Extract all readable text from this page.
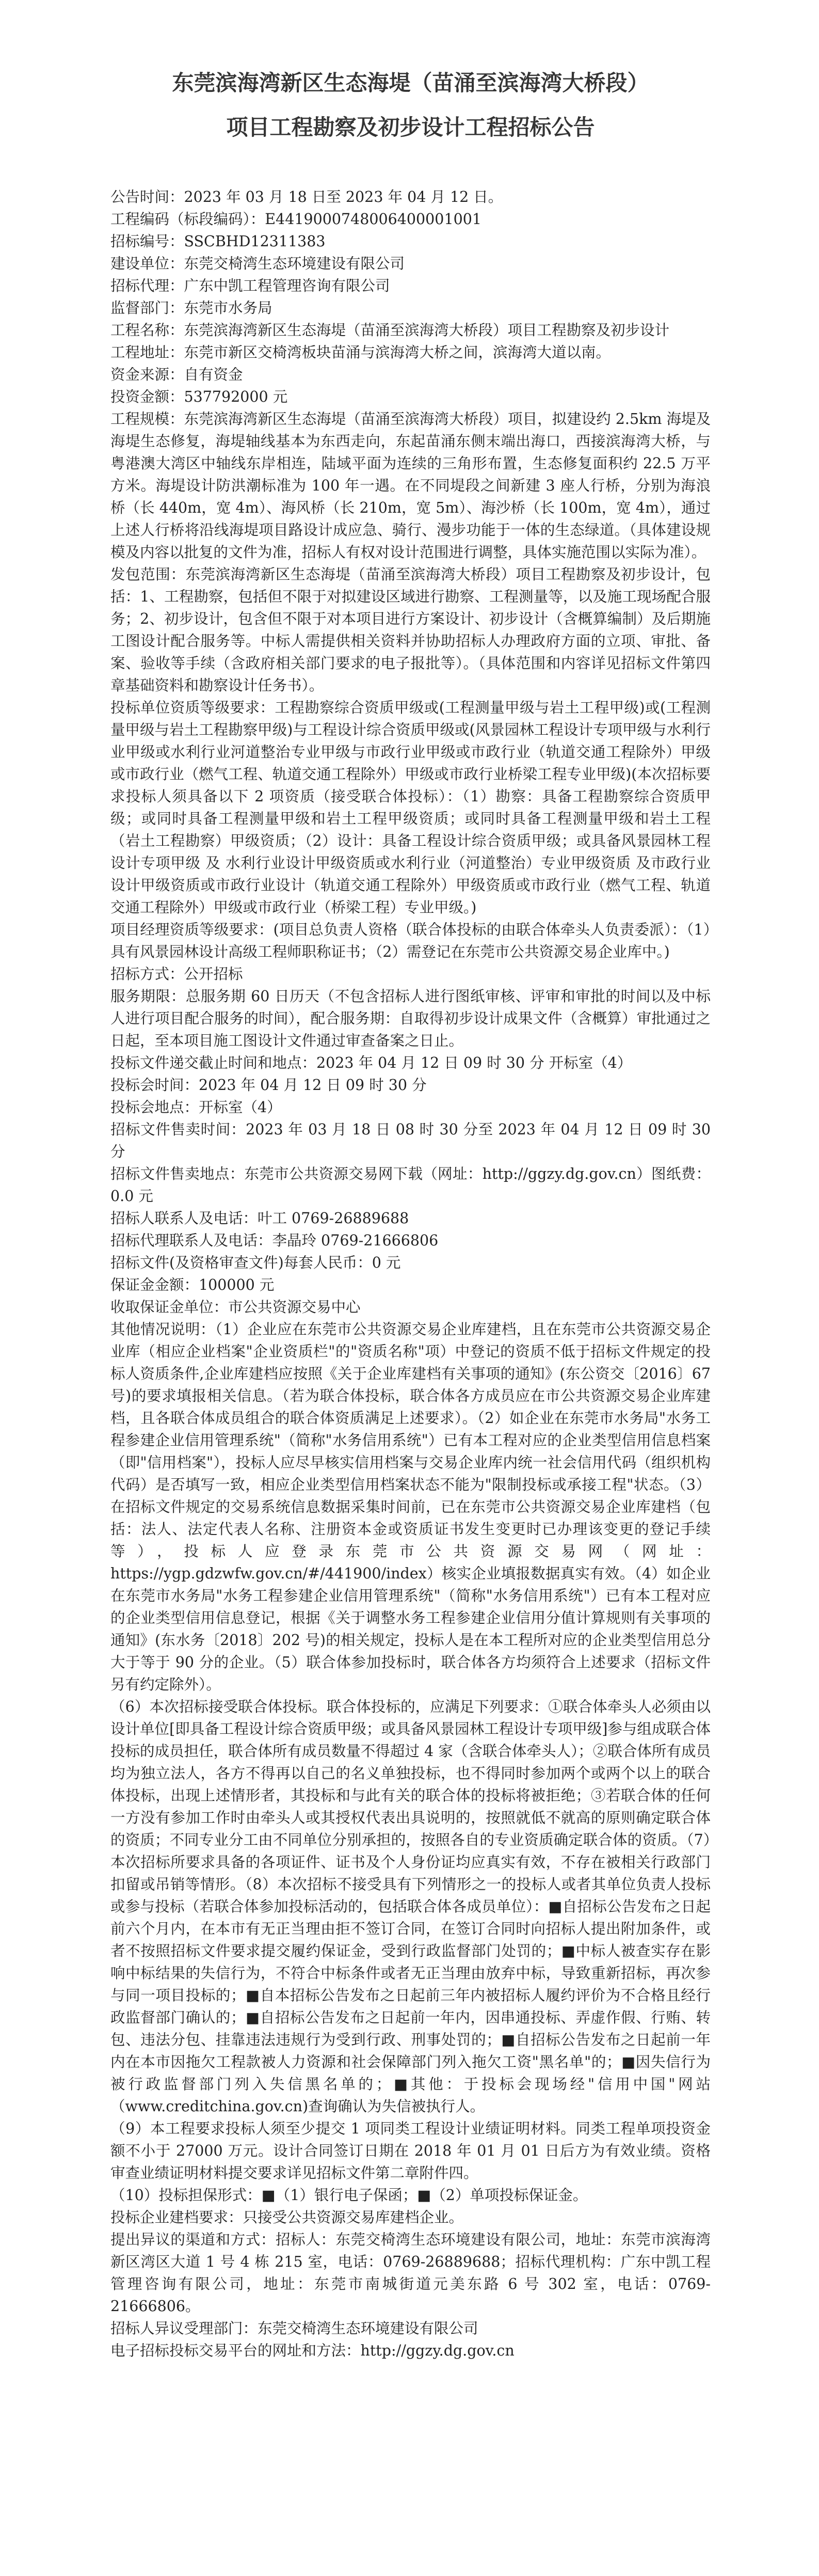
东莞滨海湾新区生态海堤（苗涌至滨海湾大桥段）
项目工程勘察及初步设计工程招标公告

公告时间：2023 年 03 月 18 日至 2023 年 04 月 12 日。

工程编码（标段编码）：E4419000748006400001001

招标编号：SSCBHD12311383

建设单位：东莞交椅湾生态环境建设有限公司

招标代理：广东中凯工程管理咨询有限公司

监督部门：东莞市水务局

工程名称：东莞滨海湾新区生态海堤（苗涌至滨海湾大桥段）项目工程勘察及初步设计

工程地址：东莞市新区交椅湾板块苗涌与滨海湾大桥之间，滨海湾大道以南。

资金来源：自有资金

投资金额：537792000 元

工程规模：东莞滨海湾新区生态海堤（苗涌至滨海湾大桥段）项目，拟建设约 2.5km 海堤及海堤生态修复，海堤轴线基本为东西走向，东起苗涌东侧末端出海口，西接滨海湾大桥，与粤港澳大湾区中轴线东岸相连，陆域平面为连续的三角形布置，生态修复面积约 22.5 万平方米。海堤设计防洪潮标准为 100 年一遇。在不同堤段之间新建 3 座人行桥，分别为海浪桥（长 440m，宽 4m）、海风桥（长 210m，宽 5m）、海沙桥（长 100m，宽 4m），通过上述人行桥将沿线海堤项目路设计成应急、骑行、漫步功能于一体的生态绿道。（具体建设规模及内容以批复的文件为准，招标人有权对设计范围进行调整，具体实施范围以实际为准）。

发包范围：东莞滨海湾新区生态海堤（苗涌至滨海湾大桥段）项目工程勘察及初步设计，包括：1、工程勘察，包括但不限于对拟建设区域进行勘察、工程测量等，以及施工现场配合服务；2、初步设计，包含但不限于对本项目进行方案设计、初步设计（含概算编制）及后期施工图设计配合服务等。中标人需提供相关资料并协助招标人办理政府方面的立项、审批、备案、验收等手续（含政府相关部门要求的电子报批等）。（具体范围和内容详见招标文件第四章基础资料和勘察设计任务书）。

投标单位资质等级要求：工程勘察综合资质甲级或(工程测量甲级与岩土工程甲级)或(工程测量甲级与岩土工程勘察甲级)与工程设计综合资质甲级或(风景园林工程设计专项甲级与水利行业甲级或水利行业河道整治专业甲级与市政行业甲级或市政行业（轨道交通工程除外）甲级或市政行业（燃气工程、轨道交通工程除外）甲级或市政行业桥梁工程专业甲级)(本次招标要求投标人须具备以下 2 项资质（接受联合体投标）：（1）勘察：具备工程勘察综合资质甲级；或同时具备工程测量甲级和岩土工程甲级资质；或同时具备工程测量甲级和岩土工程（岩土工程勘察）甲级资质；（2）设计：具备工程设计综合资质甲级；或具备风景园林工程设计专项甲级 及 水利行业设计甲级资质或水利行业（河道整治）专业甲级资质 及市政行业设计甲级资质或市政行业设计（轨道交通工程除外）甲级资质或市政行业（燃气工程、轨道交通工程除外）甲级或市政行业（桥梁工程）专业甲级。)

项目经理资质等级要求：(项目总负责人资格（联合体投标的由联合体牵头人负责委派）：（1）具有风景园林设计高级工程师职称证书；（2）需登记在东莞市公共资源交易企业库中。)

招标方式：公开招标

服务期限：总服务期 60 日历天（不包含招标人进行图纸审核、评审和审批的时间以及中标人进行项目配合服务的时间），配合服务期：自取得初步设计成果文件（含概算）审批通过之日起，至本项目施工图设计文件通过审查备案之日止。

投标文件递交截止时间和地点：2023 年 04 月 12 日 09 时 30 分 开标室（4）

投标会时间：2023 年 04 月 12 日 09 时 30 分

投标会地点：开标室（4）

招标文件售卖时间：2023 年 03 月 18 日 08 时 30 分至 2023 年 04 月 12 日 09 时 30 分

招标文件售卖地点：东莞市公共资源交易网下载（网址：http://ggzy.dg.gov.cn）图纸费：0.0 元

招标人联系人及电话：叶工 0769-26889688

招标代理联系人及电话：李晶玲 0769-21666806

招标文件(及资格审查文件)每套人民币：0 元

保证金金额：100000 元

收取保证金单位：市公共资源交易中心

其他情况说明：（1）企业应在东莞市公共资源交易企业库建档，且在东莞市公共资源交易企业库（相应企业档案"企业资质栏"的"资质名称"项）中登记的资质不低于招标文件规定的投标人资质条件,企业库建档应按照《关于企业库建档有关事项的通知》(东公资交〔2016〕67 号)的要求填报相关信息。（若为联合体投标，联合体各方成员应在市公共资源交易企业库建档，且各联合体成员组合的联合体资质满足上述要求）。（2）如企业在东莞市水务局"水务工程参建企业信用管理系统"（简称"水务信用系统"）已有本工程对应的企业类型信用信息档案（即"信用档案"），投标人应尽早核实信用档案与交易企业库内统一社会信用代码（组织机构代码）是否填写一致，相应企业类型信用档案状态不能为"限制投标或承接工程"状态。（3）在招标文件规定的交易系统信息数据采集时间前，已在东莞市公共资源交易企业库建档（包括：法人、法定代表人名称、注册资本金或资质证书发生变更时已办理该变更的登记手续等），投标人应登录东莞市公共资源交易网（网址：https://ygp.gdzwfw.gov.cn/#/441900/index）核实企业填报数据真实有效。（4）如企业在东莞市水务局"水务工程参建企业信用管理系统"（简称"水务信用系统"）已有本工程对应的企业类型信用信息登记，根据《关于调整水务工程参建企业信用分值计算规则有关事项的通知》(东水务〔2018〕202 号)的相关规定，投标人是在本工程所对应的企业类型信用总分大于等于 90 分的企业。（5）联合体参加投标时，联合体各方均须符合上述要求（招标文件另有约定除外）。

（6）本次招标接受联合体投标。联合体投标的，应满足下列要求：①联合体牵头人必须由以设计单位[即具备工程设计综合资质甲级；或具备风景园林工程设计专项甲级]参与组成联合体投标的成员担任，联合体所有成员数量不得超过 4 家（含联合体牵头人）；②联合体所有成员均为独立法人，各方不得再以自己的名义单独投标，也不得同时参加两个或两个以上的联合体投标，出现上述情形者，其投标和与此有关的联合体的投标将被拒绝；③若联合体的任何一方没有参加工作时由牵头人或其授权代表出具说明的，按照就低不就高的原则确定联合体的资质；不同专业分工由不同单位分别承担的，按照各自的专业资质确定联合体的资质。（7）本次招标所要求具备的各项证件、证书及个人身份证均应真实有效，不存在被相关行政部门扣留或吊销等情形。（8）本次招标不接受具有下列情形之一的投标人或者其单位负责人投标或参与投标（若联合体参加投标活动的，包括联合体各成员单位）：■自招标公告发布之日起前六个月内，在本市有无正当理由拒不签订合同，在签订合同时向招标人提出附加条件，或者不按照招标文件要求提交履约保证金，受到行政监督部门处罚的；■中标人被查实存在影响中标结果的失信行为，不符合中标条件或者无正当理由放弃中标，导致重新招标，再次参与同一项目投标的；■自本招标公告发布之日起前三年内被招标人履约评价为不合格且经行政监督部门确认的；■自招标公告发布之日起前一年内，因串通投标、弄虚作假、行贿、转包、违法分包、挂靠违法违规行为受到行政、刑事处罚的；■自招标公告发布之日起前一年内在本市因拖欠工程款被人力资源和社会保障部门列入拖欠工资"黑名单"的；■因失信行为被行政监督部门列入失信黑名单的；■其他：于投标会现场经"信用中国"网站（www.creditchina.gov.cn)查询确认为失信被执行人。

（9）本工程要求投标人须至少提交 1 项同类工程设计业绩证明材料。同类工程单项投资金额不小于 27000 万元。设计合同签订日期在 2018 年 01 月 01 日后方为有效业绩。资格审查业绩证明材料提交要求详见招标文件第二章附件四。

（10）投标担保形式：■（1）银行电子保函；■（2）单项投标保证金。

投标企业建档要求：只接受公共资源交易库建档企业。

提出异议的渠道和方式：招标人：东莞交椅湾生态环境建设有限公司，地址：东莞市滨海湾新区湾区大道 1 号 4 栋 215 室，电话：0769-26889688；招标代理机构：广东中凯工程管理咨询有限公司，地址：东莞市南城街道元美东路 6 号 302 室，电话：0769-21666806。

招标人异议受理部门：东莞交椅湾生态环境建设有限公司

电子招标投标交易平台的网址和方法：http://ggzy.dg.gov.cn
